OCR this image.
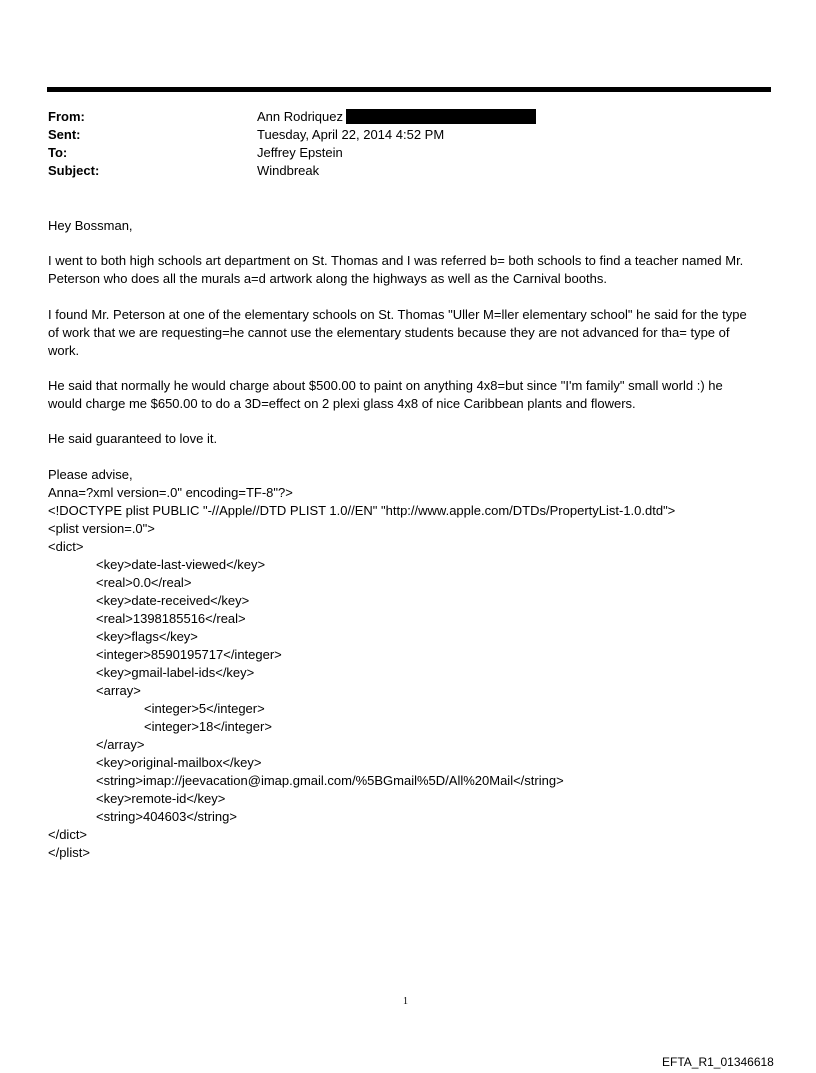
From:	Ann Rodriquez
Sent:	Tuesday, April 22, 2014 4:52 PM
To:	Jeffrey Epstein
Subject:	Windbreak
Hey Bossman,
I went to both high schools art department on St. Thomas and I was referred b= both schools to find a teacher named Mr. Peterson who does all the murals a=d artwork along the highways as well as the Carnival booths.
I found Mr. Peterson at one of the elementary schools on St. Thomas "Uller M=ller elementary school" he said for the type of work that we are requesting=he cannot use the elementary students because they are not advanced for tha= type of work.
He said that normally he would charge about $500.00 to paint on anything 4x8=but since "I'm family" small world :) he would charge me $650.00 to do a 3D=effect on 2 plexi glass 4x8 of nice Caribbean plants and flowers.
He said guaranteed to love it.
Please advise,
Anna=?xml version=.0" encoding=TF-8"?>
<!DOCTYPE plist PUBLIC "-//Apple//DTD PLIST 1.0//EN" "http://www.apple.com/DTDs/PropertyList-1.0.dtd">
<plist version=.0">
<dict>
<key>date-last-viewed</key>
<real>0.0</real>
<key>date-received</key>
<real>1398185516</real>
<key>flags</key>
<integer>8590195717</integer>
<key>gmail-label-ids</key>
<array>
<integer>5</integer>
<integer>18</integer>
</array>
<key>original-mailbox</key>
<string>imap://jeevacation@imap.gmail.com/%5BGmail%5D/All%20Mail</string>
<key>remote-id</key>
<string>404603</string>
</dict>
</plist>
1
EFTA_R1_01346618
